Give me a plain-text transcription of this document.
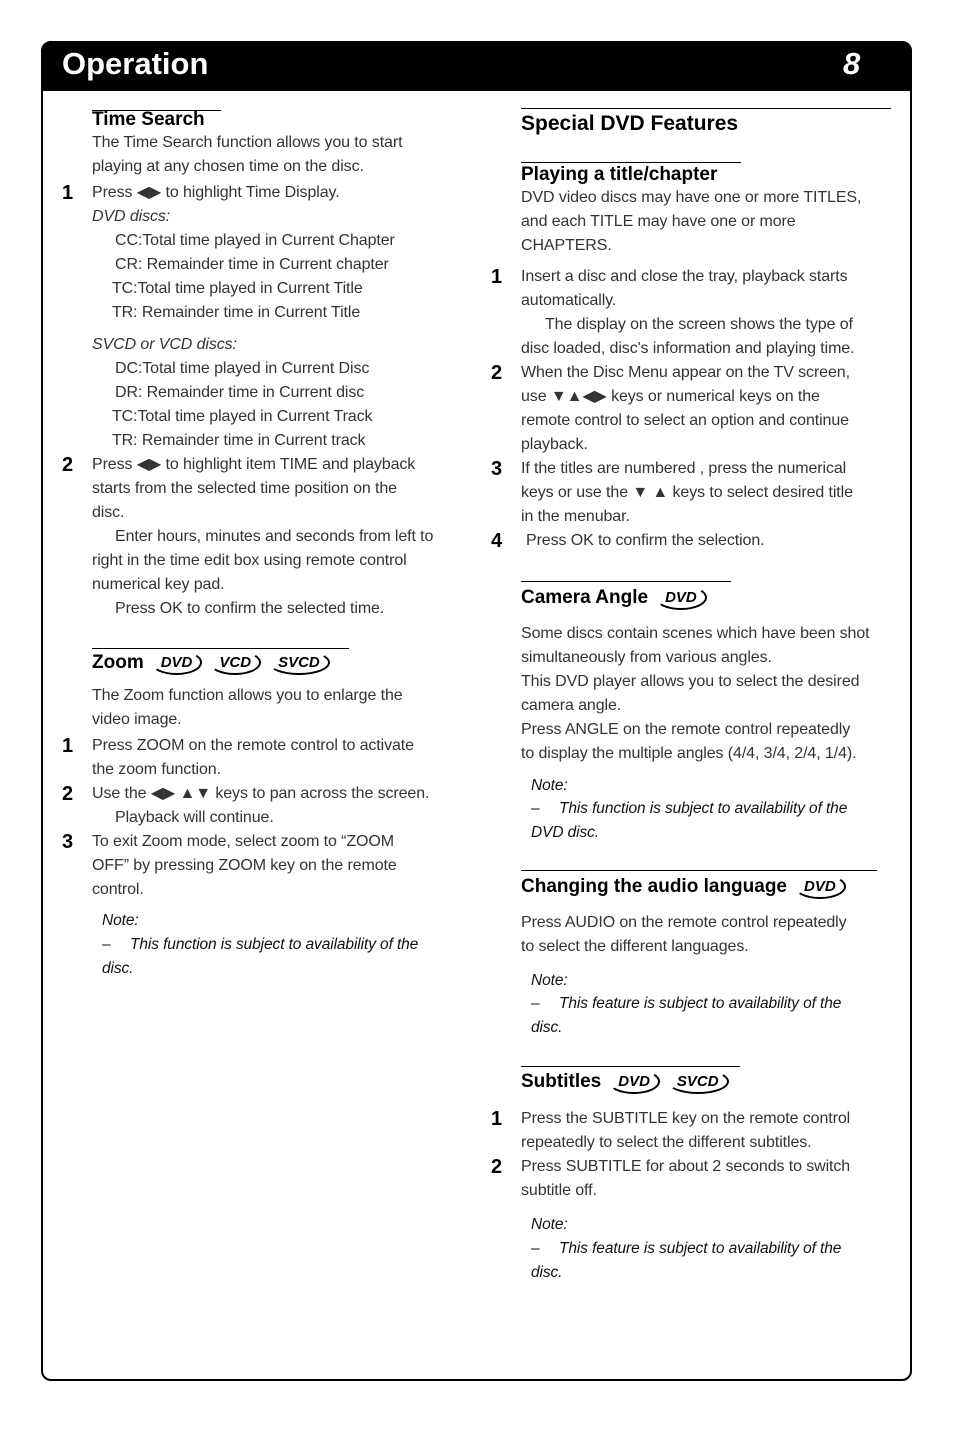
Operation	8
Time Search
The Time Search function allows you to start
playing at any chosen time on the disc.
1 Press ◀▶ to highlight Time Display.
DVD discs:
CC:Total time played in Current Chapter
CR: Remainder time in Current chapter
TC:Total time played in Current Title
TR: Remainder time in Current Title
SVCD or VCD discs:
DC:Total time played in Current Disc
DR: Remainder time in Current disc
TC:Total time played in Current Track
TR: Remainder time in Current track
2 Press ◀▶ to highlight item TIME and playback
starts from the selected time position on the
disc.
Enter hours, minutes and seconds from left to
right in the time edit box using remote control
numerical key pad.
Press OK to confirm the selected time.
Zoom	DVD	VCD	SVCD
The Zoom function allows you to enlarge the
video image.
1 Press ZOOM on the remote control to activate
the zoom function.
2 Use the ◀▶ ▲▼ keys to pan across the screen.
Playback will continue.
3 To exit Zoom mode, select zoom to “ZOOM
OFF” by pressing ZOOM key on the remote
control.
Note:
–	This function is subject to availability of the
disc.
Special DVD Features
Playing a title/chapter
DVD video discs may have one or more TITLES,
and each TITLE may have one or more
CHAPTERS.
1 Insert a disc and close the tray, playback starts
automatically.
The display on the screen shows the type of
disc loaded, disc's information and playing time.
2 When the Disc Menu appear on the TV screen,
use ▼▲◀▶ keys or numerical keys on the
remote control to select an option and continue
playback.
3 If the titles are numbered , press the numerical
keys or use the ▼ ▲ keys to select desired title
in the menubar.
4 Press OK to confirm the selection.
Camera Angle	DVD
Some discs contain scenes which have been shot
simultaneously from various angles.
This DVD player allows you to select the desired
camera angle.
Press ANGLE on the remote control repeatedly
to display the multiple angles (4/4, 3/4, 2/4, 1/4).
Note:
–	This function is subject to availability of the
DVD disc.
Changing the audio language	DVD
Press AUDIO on the remote control repeatedly
to select the different languages.
Note:
–	This feature is subject to availability of the
disc.
Subtitles	DVD	SVCD
1 Press the SUBTITLE key on the remote control
repeatedly to select the different subtitles.
2 Press SUBTITLE for about 2 seconds to switch
subtitle off.
Note:
–	This feature is subject to availability of the
disc.
